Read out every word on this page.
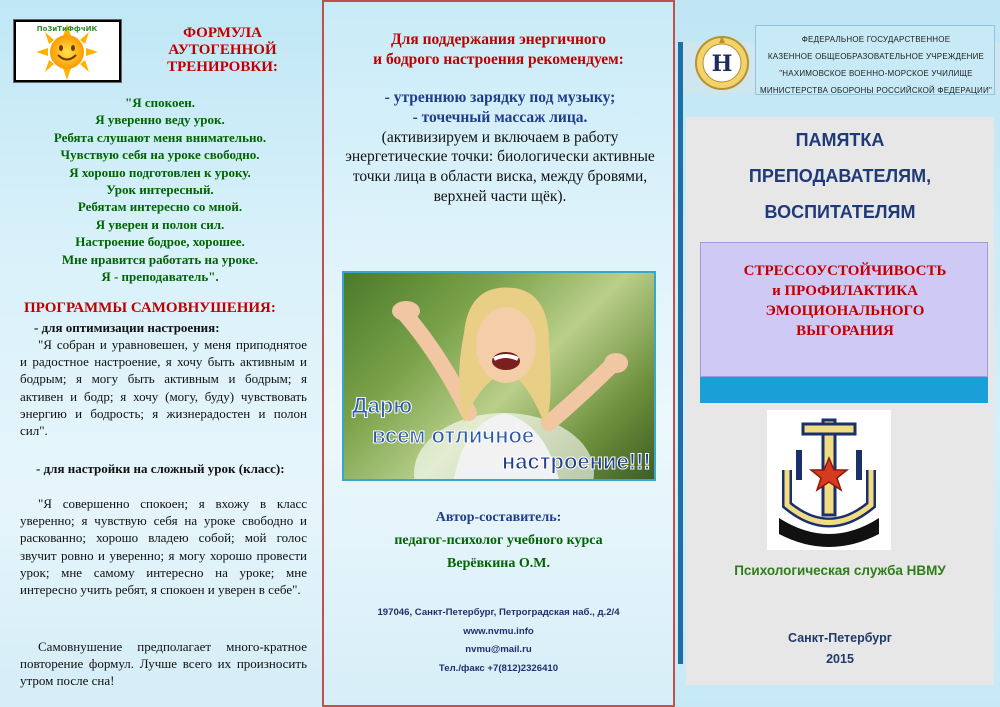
ПоЗиТиФфчИК	ФОРМУЛА
АУТОГЕННОЙ
ТРЕНИРОВКИ:
"Я спокоен.
Я уверенно веду урок.
Ребята слушают меня внимательно.
Чувствую себя на уроке свободно.
Я хорошо подготовлен к уроку.
Урок интересный.
Ребятам интересно со мной.
Я уверен и полон сил.
Настроение бодрое, хорошее.
Мне нравится работать на уроке.
Я - преподаватель".
ПРОГРАММЫ САМОВНУШЕНИЯ:
- для оптимизации настроения:
"Я собран и уравновешен, у меня приподнятое и радостное настроение, я хочу быть активным и бодрым; я могу быть активным и бодрым; я активен и бодр; я хочу (могу, буду) чувствовать энергию и бодрость; я жизнерадостен и полон сил".
- для настройки на сложный урок (класс):
"Я совершенно спокоен; я вхожу в класс уверенно; я чувствую себя на уроке свободно и раскованно; хорошо владею собой; мой голос звучит ровно и уверенно; я могу хорошо провести урок; мне самому интересно на уроке; мне интересно учить ребят, я спокоен и уверен в себе".
Самовнушение предполагает много-кратное повторение формул. Лучше всего их произносить утром после сна!
Для поддержания энергичного
и бодрого настроения рекомендуем:
- утреннюю зарядку под музыку;
- точечный массаж лица.
(активизируем и включаем в работу энергетические точки: биологически активные точки лица в области виска, между бровями, верхней части щёк).
Дарю
всем отличное
настроение!!!
Автор-составитель:
педагог-психолог учебного курса
Верёвкина О.М.
197046, Санкт-Петербург, Петроградская наб., д.2/4
www.nvmu.info
nvmu@mail.ru
Тел./факс +7(812)2326410
Н
ФЕДЕРАЛЬНОЕ ГОСУДАРСТВЕННОЕ
КАЗЕННОЕ ОБЩЕОБРАЗОВАТЕЛЬНОЕ УЧРЕЖДЕНИЕ
"НАХИМОВСКОЕ ВОЕННО-МОРСКОЕ УЧИЛИЩЕ
МИНИСТЕРСТВА ОБОРОНЫ РОССИЙСКОЙ ФЕДЕРАЦИИ"
ПАМЯТКА
ПРЕПОДАВАТЕЛЯМ,
ВОСПИТАТЕЛЯМ
СТРЕССОУСТОЙЧИВОСТЬ
и ПРОФИЛАКТИКА
ЭМОЦИОНАЛЬНОГО
ВЫГОРАНИЯ
Психологическая служба НВМУ
Санкт-Петербург
2015
